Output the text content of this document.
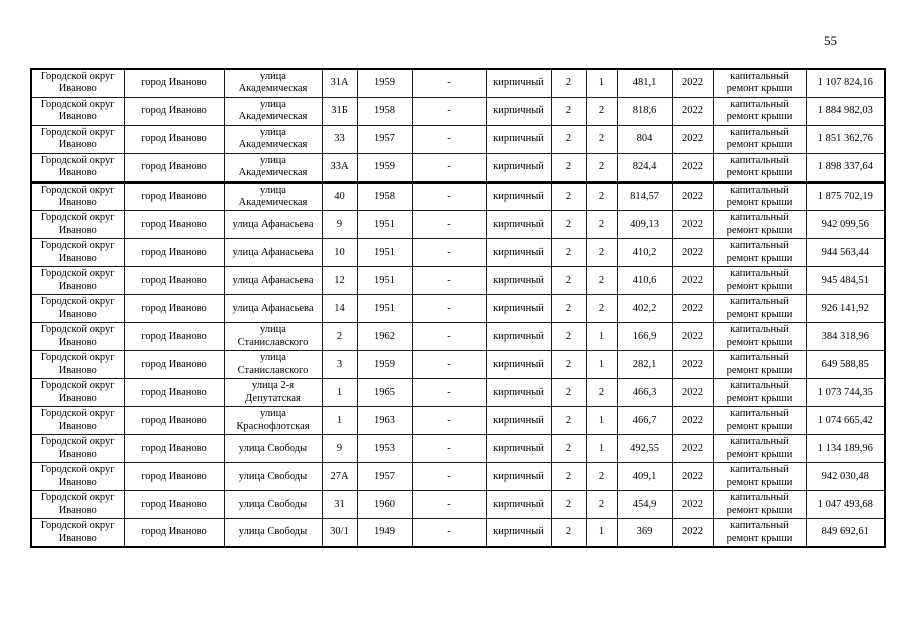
55
Городской округ Иваново	город Иваново	улица Академическая	31А	1959	-	кирпичный	2	1	481,1	2022	капитальный ремонт крыши	1 107 824,16
Городской округ Иваново	город Иваново	улица Академическая	31Б	1958	-	кирпичный	2	2	818,6	2022	капитальный ремонт крыши	1 884 982,03
Городской округ Иваново	город Иваново	улица Академическая	33	1957	-	кирпичный	2	2	804	2022	капитальный ремонт крыши	1 851 362,76
Городской округ Иваново	город Иваново	улица Академическая	33А	1959	-	кирпичный	2	2	824,4	2022	капитальный ремонт крыши	1 898 337,64
Городской округ Иваново	город Иваново	улица Академическая	40	1958	-	кирпичный	2	2	814,57	2022	капитальный ремонт крыши	1 875 702,19
Городской округ Иваново	город Иваново	улица Афанасьева	9	1951	-	кирпичный	2	2	409,13	2022	капитальный ремонт крыши	942 099,56
Городской округ Иваново	город Иваново	улица Афанасьева	10	1951	-	кирпичный	2	2	410,2	2022	капитальный ремонт крыши	944 563,44
Городской округ Иваново	город Иваново	улица Афанасьева	12	1951	-	кирпичный	2	2	410,6	2022	капитальный ремонт крыши	945 484,51
Городской округ Иваново	город Иваново	улица Афанасьева	14	1951	-	кирпичный	2	2	402,2	2022	капитальный ремонт крыши	926 141,92
Городской округ Иваново	город Иваново	улица Станиславского	2	1962	-	кирпичный	2	1	166,9	2022	капитальный ремонт крыши	384 318,96
Городской округ Иваново	город Иваново	улица Станиславского	3	1959	-	кирпичный	2	1	282,1	2022	капитальный ремонт крыши	649 588,85
Городской округ Иваново	город Иваново	улица 2-я Депутатская	1	1965	-	кирпичный	2	2	466,3	2022	капитальный ремонт крыши	1 073 744,35
Городской округ Иваново	город Иваново	улица Краснофлотская	1	1963	-	кирпичный	2	1	466,7	2022	капитальный ремонт крыши	1 074 665,42
Городской округ Иваново	город Иваново	улица Свободы	9	1953	-	кирпичный	2	1	492,55	2022	капитальный ремонт крыши	1 134 189,96
Городской округ Иваново	город Иваново	улица Свободы	27А	1957	-	кирпичный	2	2	409,1	2022	капитальный ремонт крыши	942 030,48
Городской округ Иваново	город Иваново	улица Свободы	31	1960	-	кирпичный	2	2	454,9	2022	капитальный ремонт крыши	1 047 493,68
Городской округ Иваново	город Иваново	улица Свободы	30/1	1949	-	кирпичный	2	1	369	2022	капитальный ремонт крыши	849 692,61
